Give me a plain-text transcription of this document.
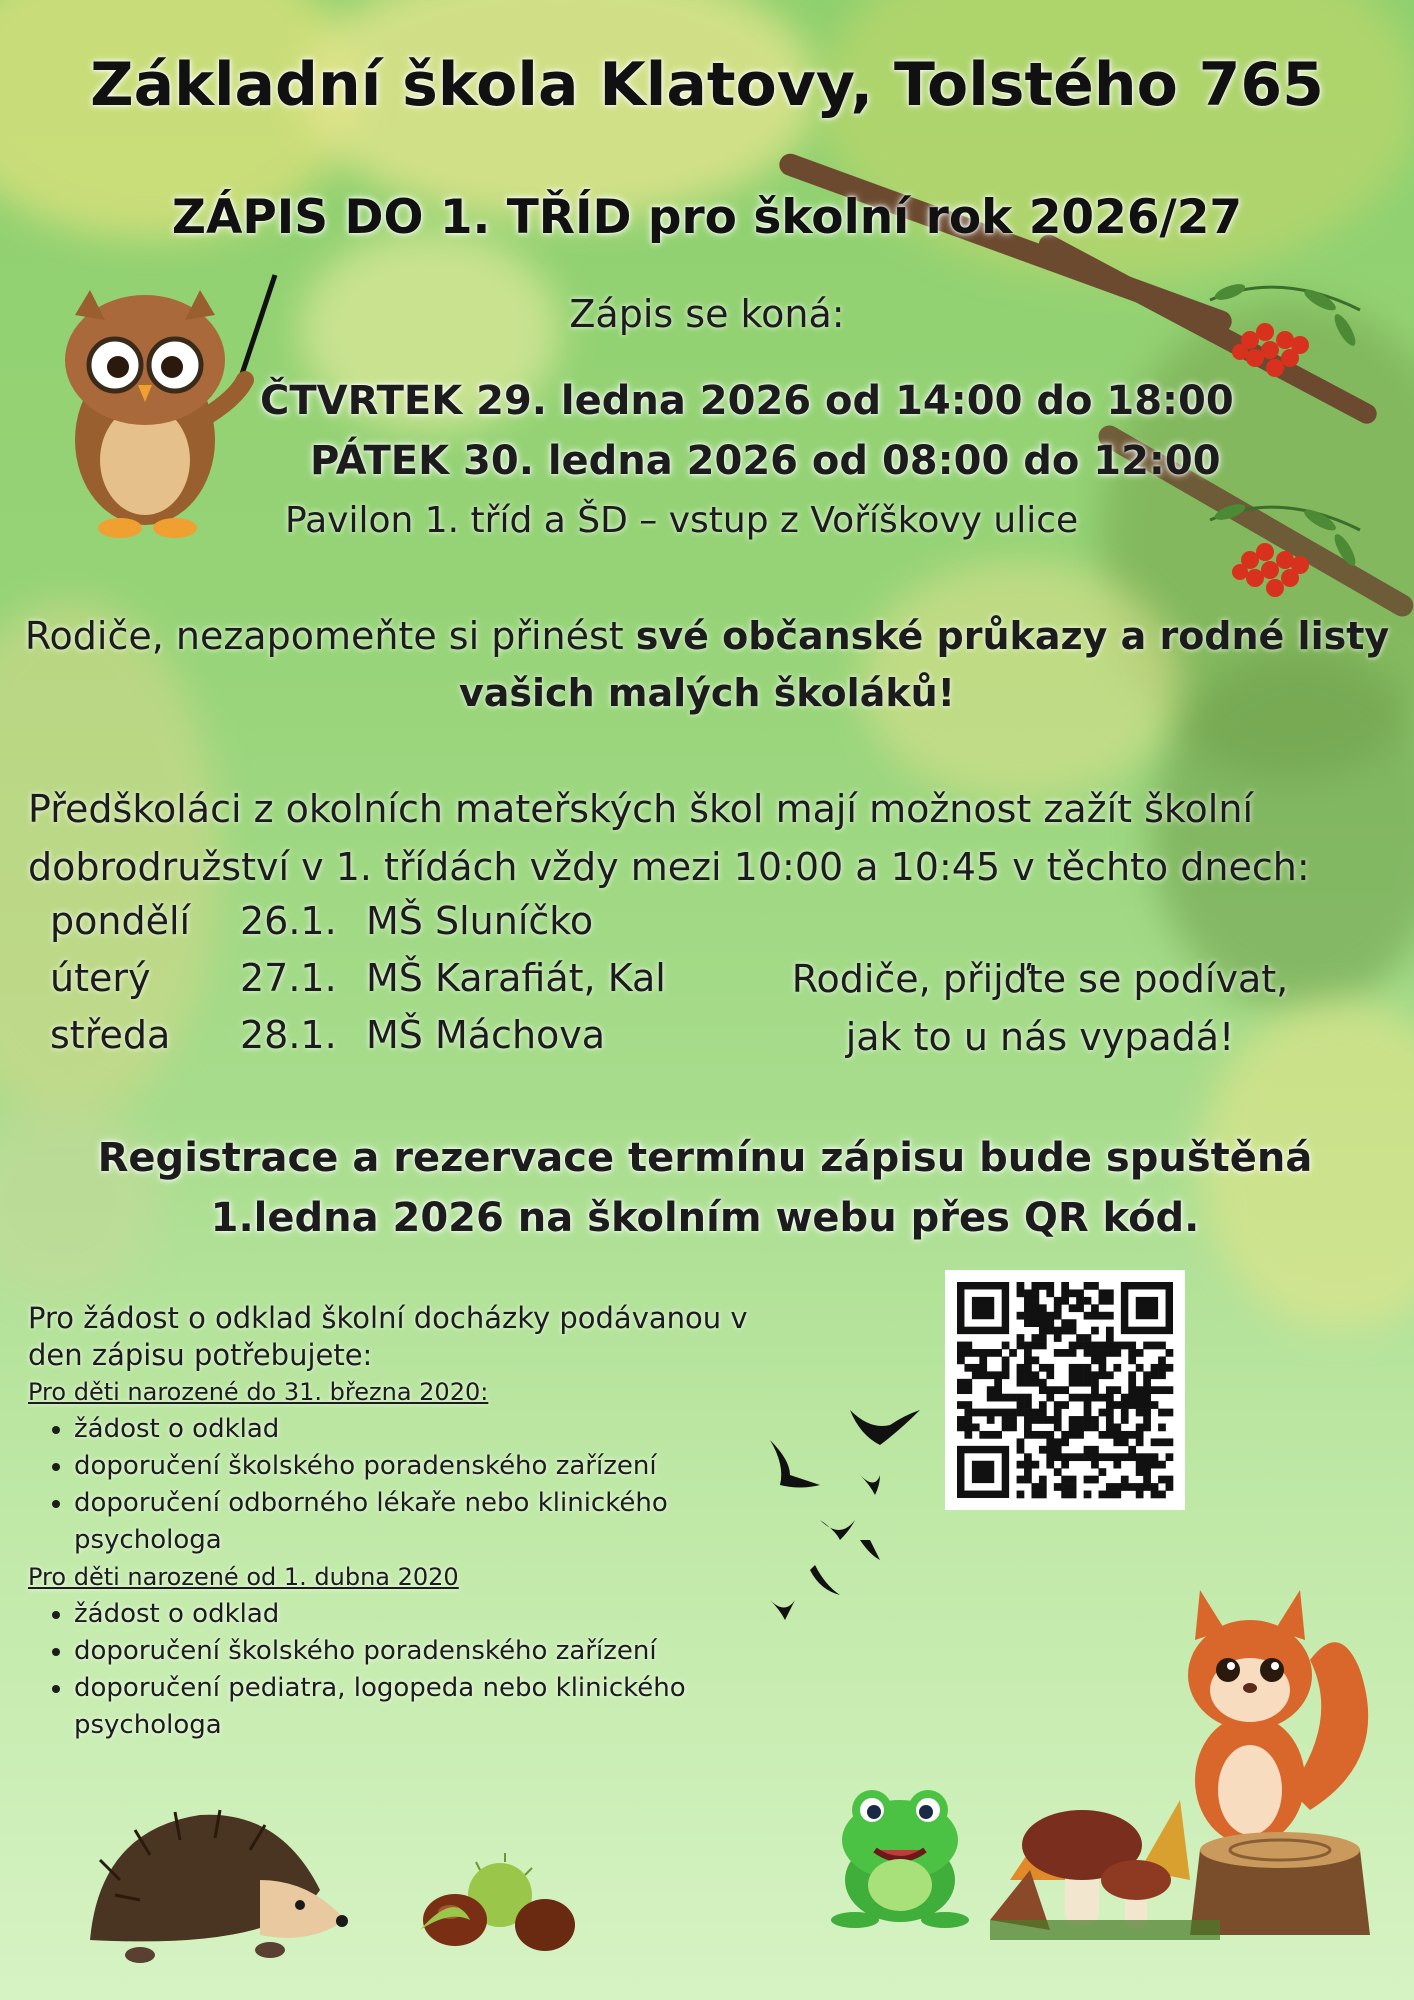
Základní škola Klatovy, Tolstého 765
ZÁPIS DO 1. TŘÍD pro školní rok 2026/27
Zápis se koná:
ČTVRTEK 29. ledna 2026 od 14:00 do 18:00
PÁTEK 30. ledna 2026 od 08:00 do 12:00
Pavilon 1. tříd a ŠD – vstup z Voříškovy ulice
Rodiče, nezapomeňte si přinést své občanské průkazy a rodné listy vašich malých školáků!
Předškoláci z okolních mateřských škol mají možnost zažít školní dobrodružství v 1. třídách vždy mezi 10:00 a 10:45 v těchto dnech:
pondělí	26.1.	MŠ Sluníčko
úterý	27.1.	MŠ Karafiát, Kal
středa	28.1.	MŠ Máchova
Rodiče, přijďte se podívat, jak to u nás vypadá!
Registrace a rezervace termínu zápisu bude spuštěná 1.ledna 2026 na školním webu přes QR kód.
Pro žádost o odklad školní docházky podávanou v den zápisu potřebujete:
Pro děti narozené do 31. března 2020:
• žádost o odklad
• doporučení školského poradenského zařízení
• doporučení odborného lékaře nebo klinického psychologa
Pro děti narozené od 1. dubna 2020
• žádost o odklad
• doporučení školského poradenského zařízení
• doporučení pediatra, logopeda nebo klinického psychologa
